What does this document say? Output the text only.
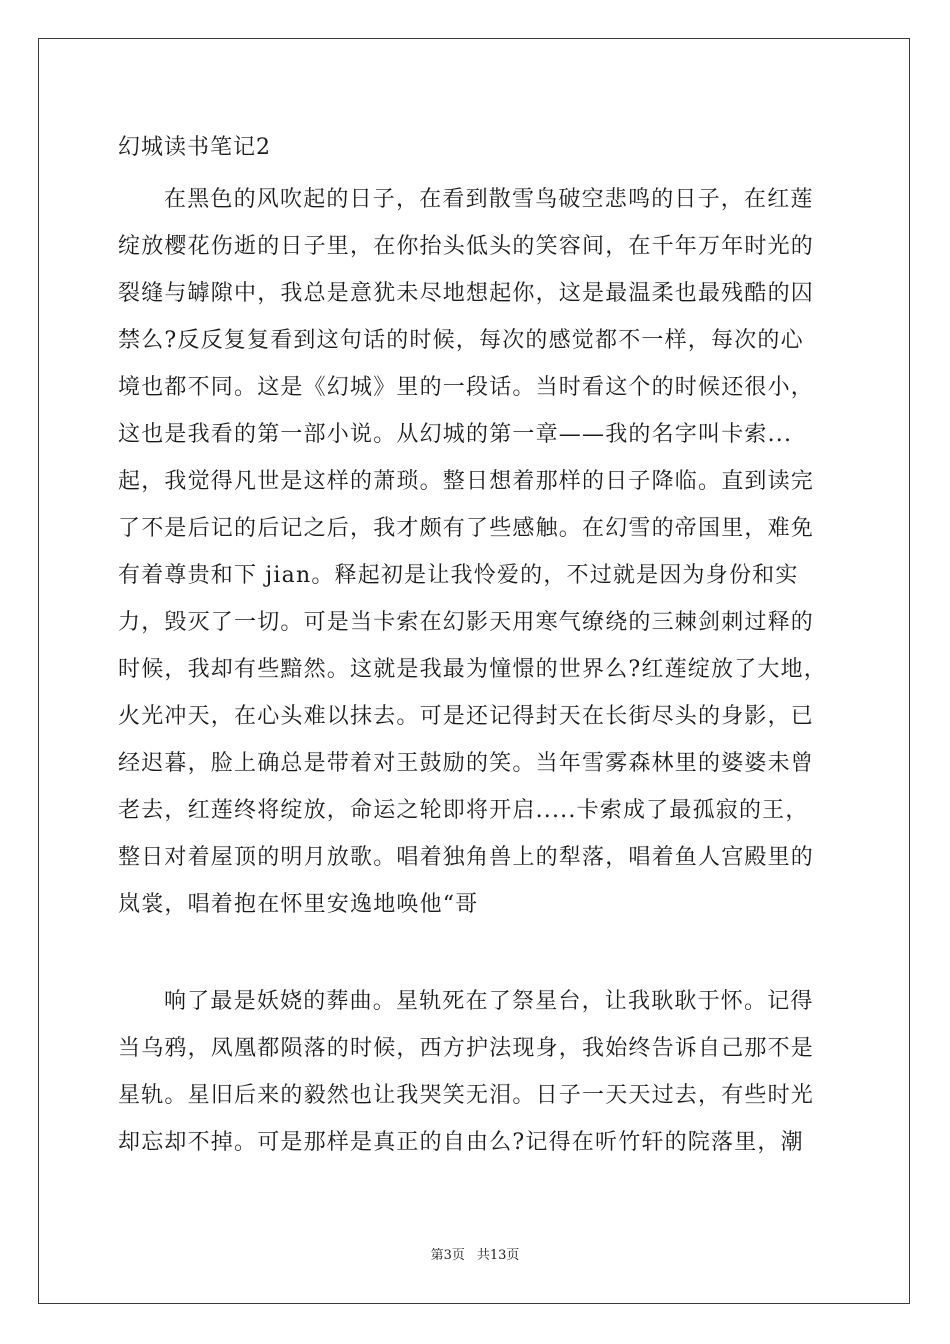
幻城读书笔记2
在黑色的风吹起的日子，在看到散雪鸟破空悲鸣的日子，在红莲
绽放樱花伤逝的日子里，在你抬头低头的笑容间，在千年万年时光的
裂缝与罅隙中，我总是意犹未尽地想起你，这是最温柔也最残酷的囚
禁么?反反复复看到这句话的时候，每次的感觉都不一样，每次的心
境也都不同。这是《幻城》里的一段话。当时看这个的时候还很小，
这也是我看的第一部小说。从幻城的第一章——我的名字叫卡索...
起，我觉得凡世是这样的萧琐。整日想着那样的日子降临。直到读完
了不是后记的后记之后，我才颇有了些感触。在幻雪的帝国里，难免
有着尊贵和下 jian。释起初是让我怜爱的，不过就是因为身份和实
力，毁灭了一切。可是当卡索在幻影天用寒气缭绕的三棘剑刺过释的
时候，我却有些黯然。这就是我最为憧憬的世界么?红莲绽放了大地，
火光冲天，在心头难以抹去。可是还记得封天在长街尽头的身影，已
经迟暮，脸上确总是带着对王鼓励的笑。当年雪雾森林里的婆婆未曾
老去，红莲终将绽放，命运之轮即将开启.....卡索成了最孤寂的王，
整日对着屋顶的明月放歌。唱着独角兽上的犁落，唱着鱼人宫殿里的
岚裳，唱着抱在怀里安逸地唤他“哥
响了最是妖娆的葬曲。星轨死在了祭星台，让我耿耿于怀。记得
当乌鸦，凤凰都陨落的时候，西方护法现身，我始终告诉自己那不是
星轨。星旧后来的毅然也让我哭笑无泪。日子一天天过去，有些时光
却忘却不掉。可是那样是真正的自由么?记得在听竹轩的院落里，潮
第3页 共13页
